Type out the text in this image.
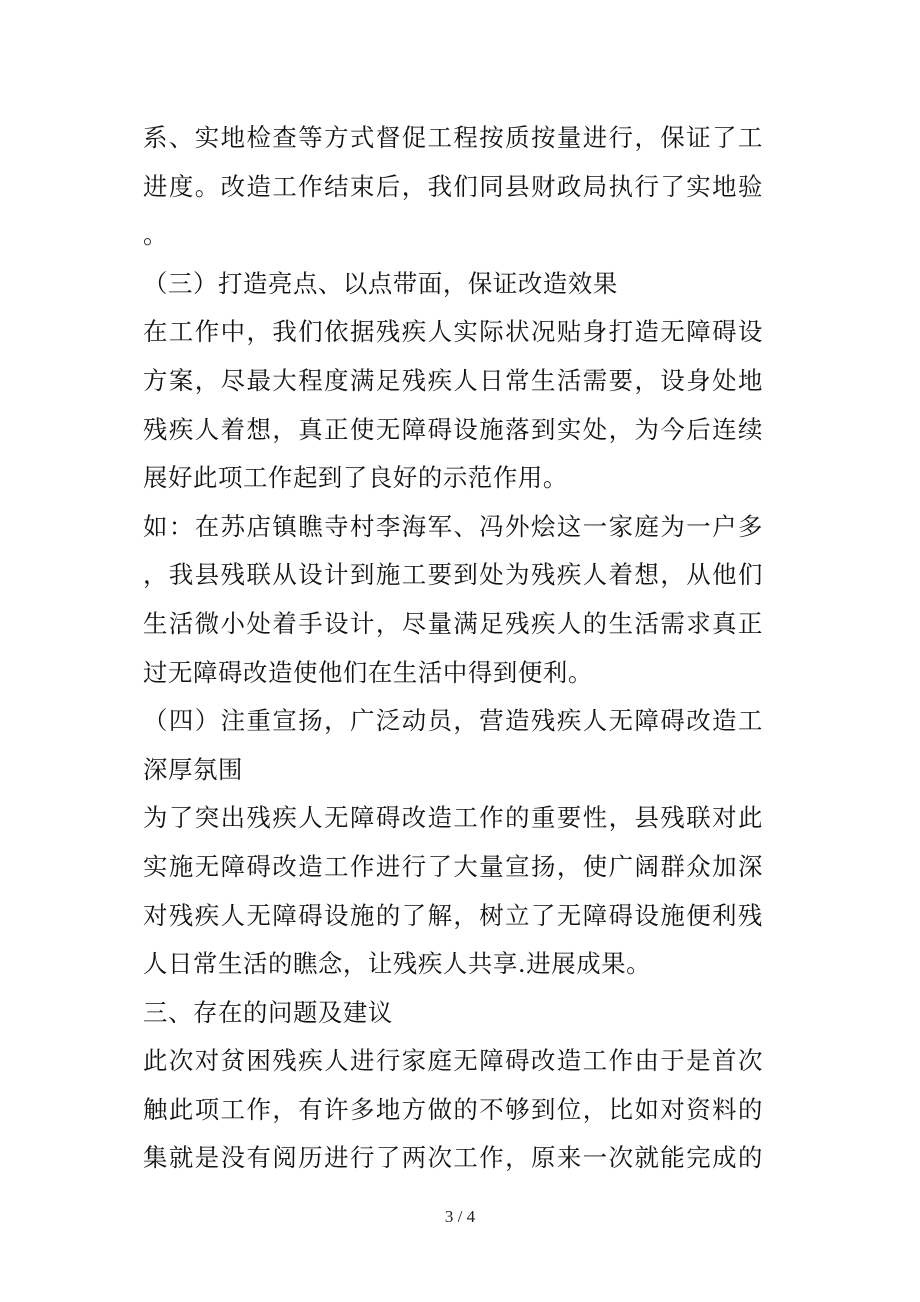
系、实地检查等方式督促工程按质按量进行，保证了工
进度。改造工作结束后，我们同县财政局执行了实地验
。
（三）打造亮点、以点带面，保证改造效果
在工作中，我们依据残疾人实际状况贴身打造无障碍设
方案，尽最大程度满足残疾人日常生活需要，设身处地
残疾人着想，真正使无障碍设施落到实处，为今后连续
展好此项工作起到了良好的示范作用。
如：在苏店镇瞧寺村李海军、冯外烩这一家庭为一户多
，我县残联从设计到施工要到处为残疾人着想，从他们
生活微小处着手设计，尽量满足残疾人的生活需求真正
过无障碍改造使他们在生活中得到便利。
（四）注重宣扬，广泛动员，营造残疾人无障碍改造工
深厚氛围
为了突出残疾人无障碍改造工作的重要性，县残联对此
实施无障碍改造工作进行了大量宣扬，使广阔群众加深
对残疾人无障碍设施的了解，树立了无障碍设施便利残
人日常生活的瞧念，让残疾人共享.进展成果。
三、存在的问题及建议
此次对贫困残疾人进行家庭无障碍改造工作由于是首次
触此项工作，有许多地方做的不够到位，比如对资料的
集就是没有阅历进行了两次工作，原来一次就能完成的
3 / 4
